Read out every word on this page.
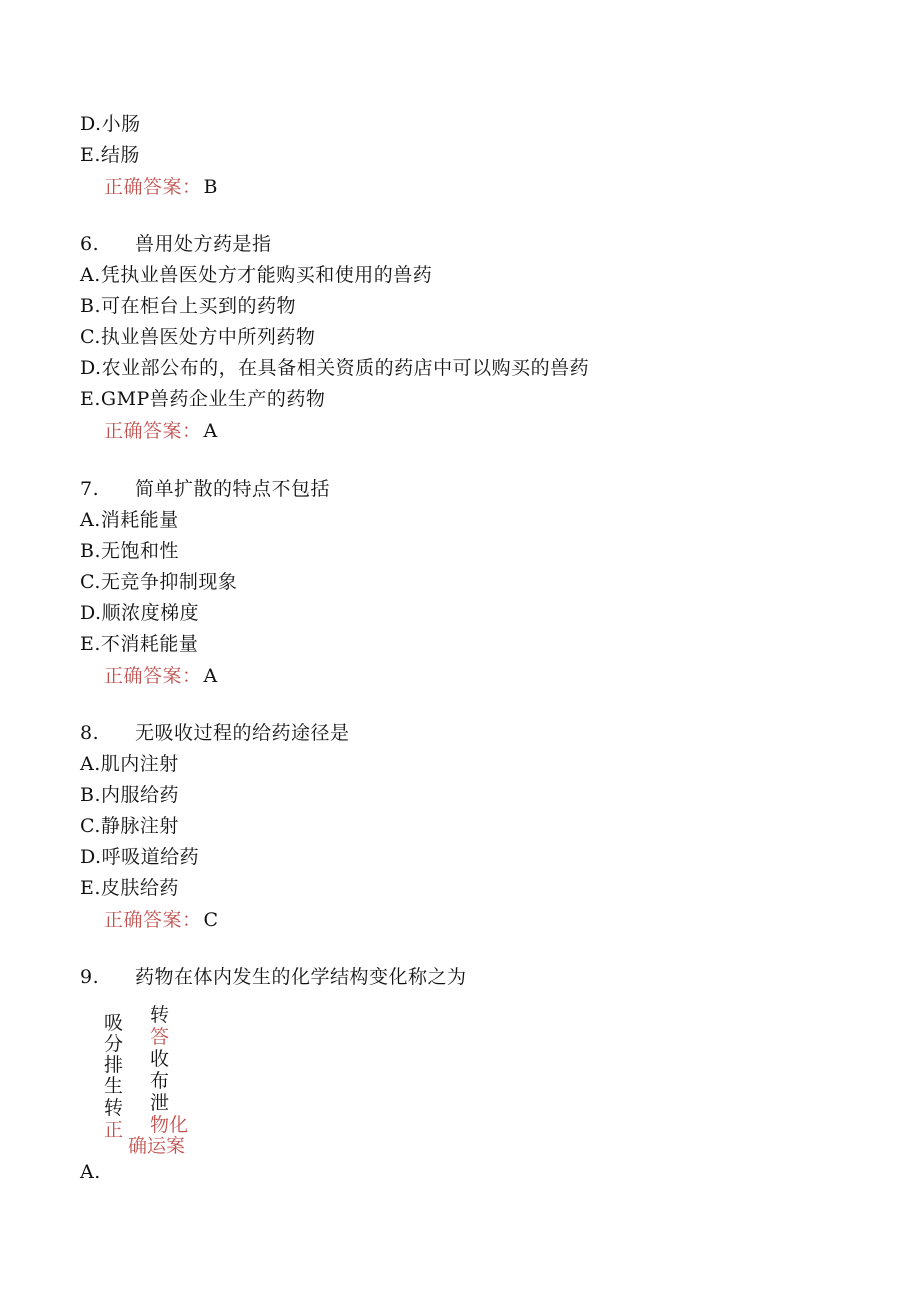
D.小肠
E.结肠
正确答案： B
6. 兽用处方药是指
A.凭执业兽医处方才能购买和使用的兽药
B.可在柜台上买到的药物
C.执业兽医处方中所列药物
D.农业部公布的，在具备相关资质的药店中可以购买的兽药
E.GMP兽药企业生产的药物
正确答案： A
7. 简单扩散的特点不包括
A.消耗能量
B.无饱和性
C.无竞争抑制现象
D.顺浓度梯度
E.不消耗能量
正确答案： A
8. 无吸收过程的给药途径是
A.肌内注射
B.内服给药
C.静脉注射
D.呼吸道给药
E.皮肤给药
正确答案： C
9. 药物在体内发生的化学结构变化称之为
吸
分
排
生
转
正
转
答
收
布
泄
物化
确运案
A.
